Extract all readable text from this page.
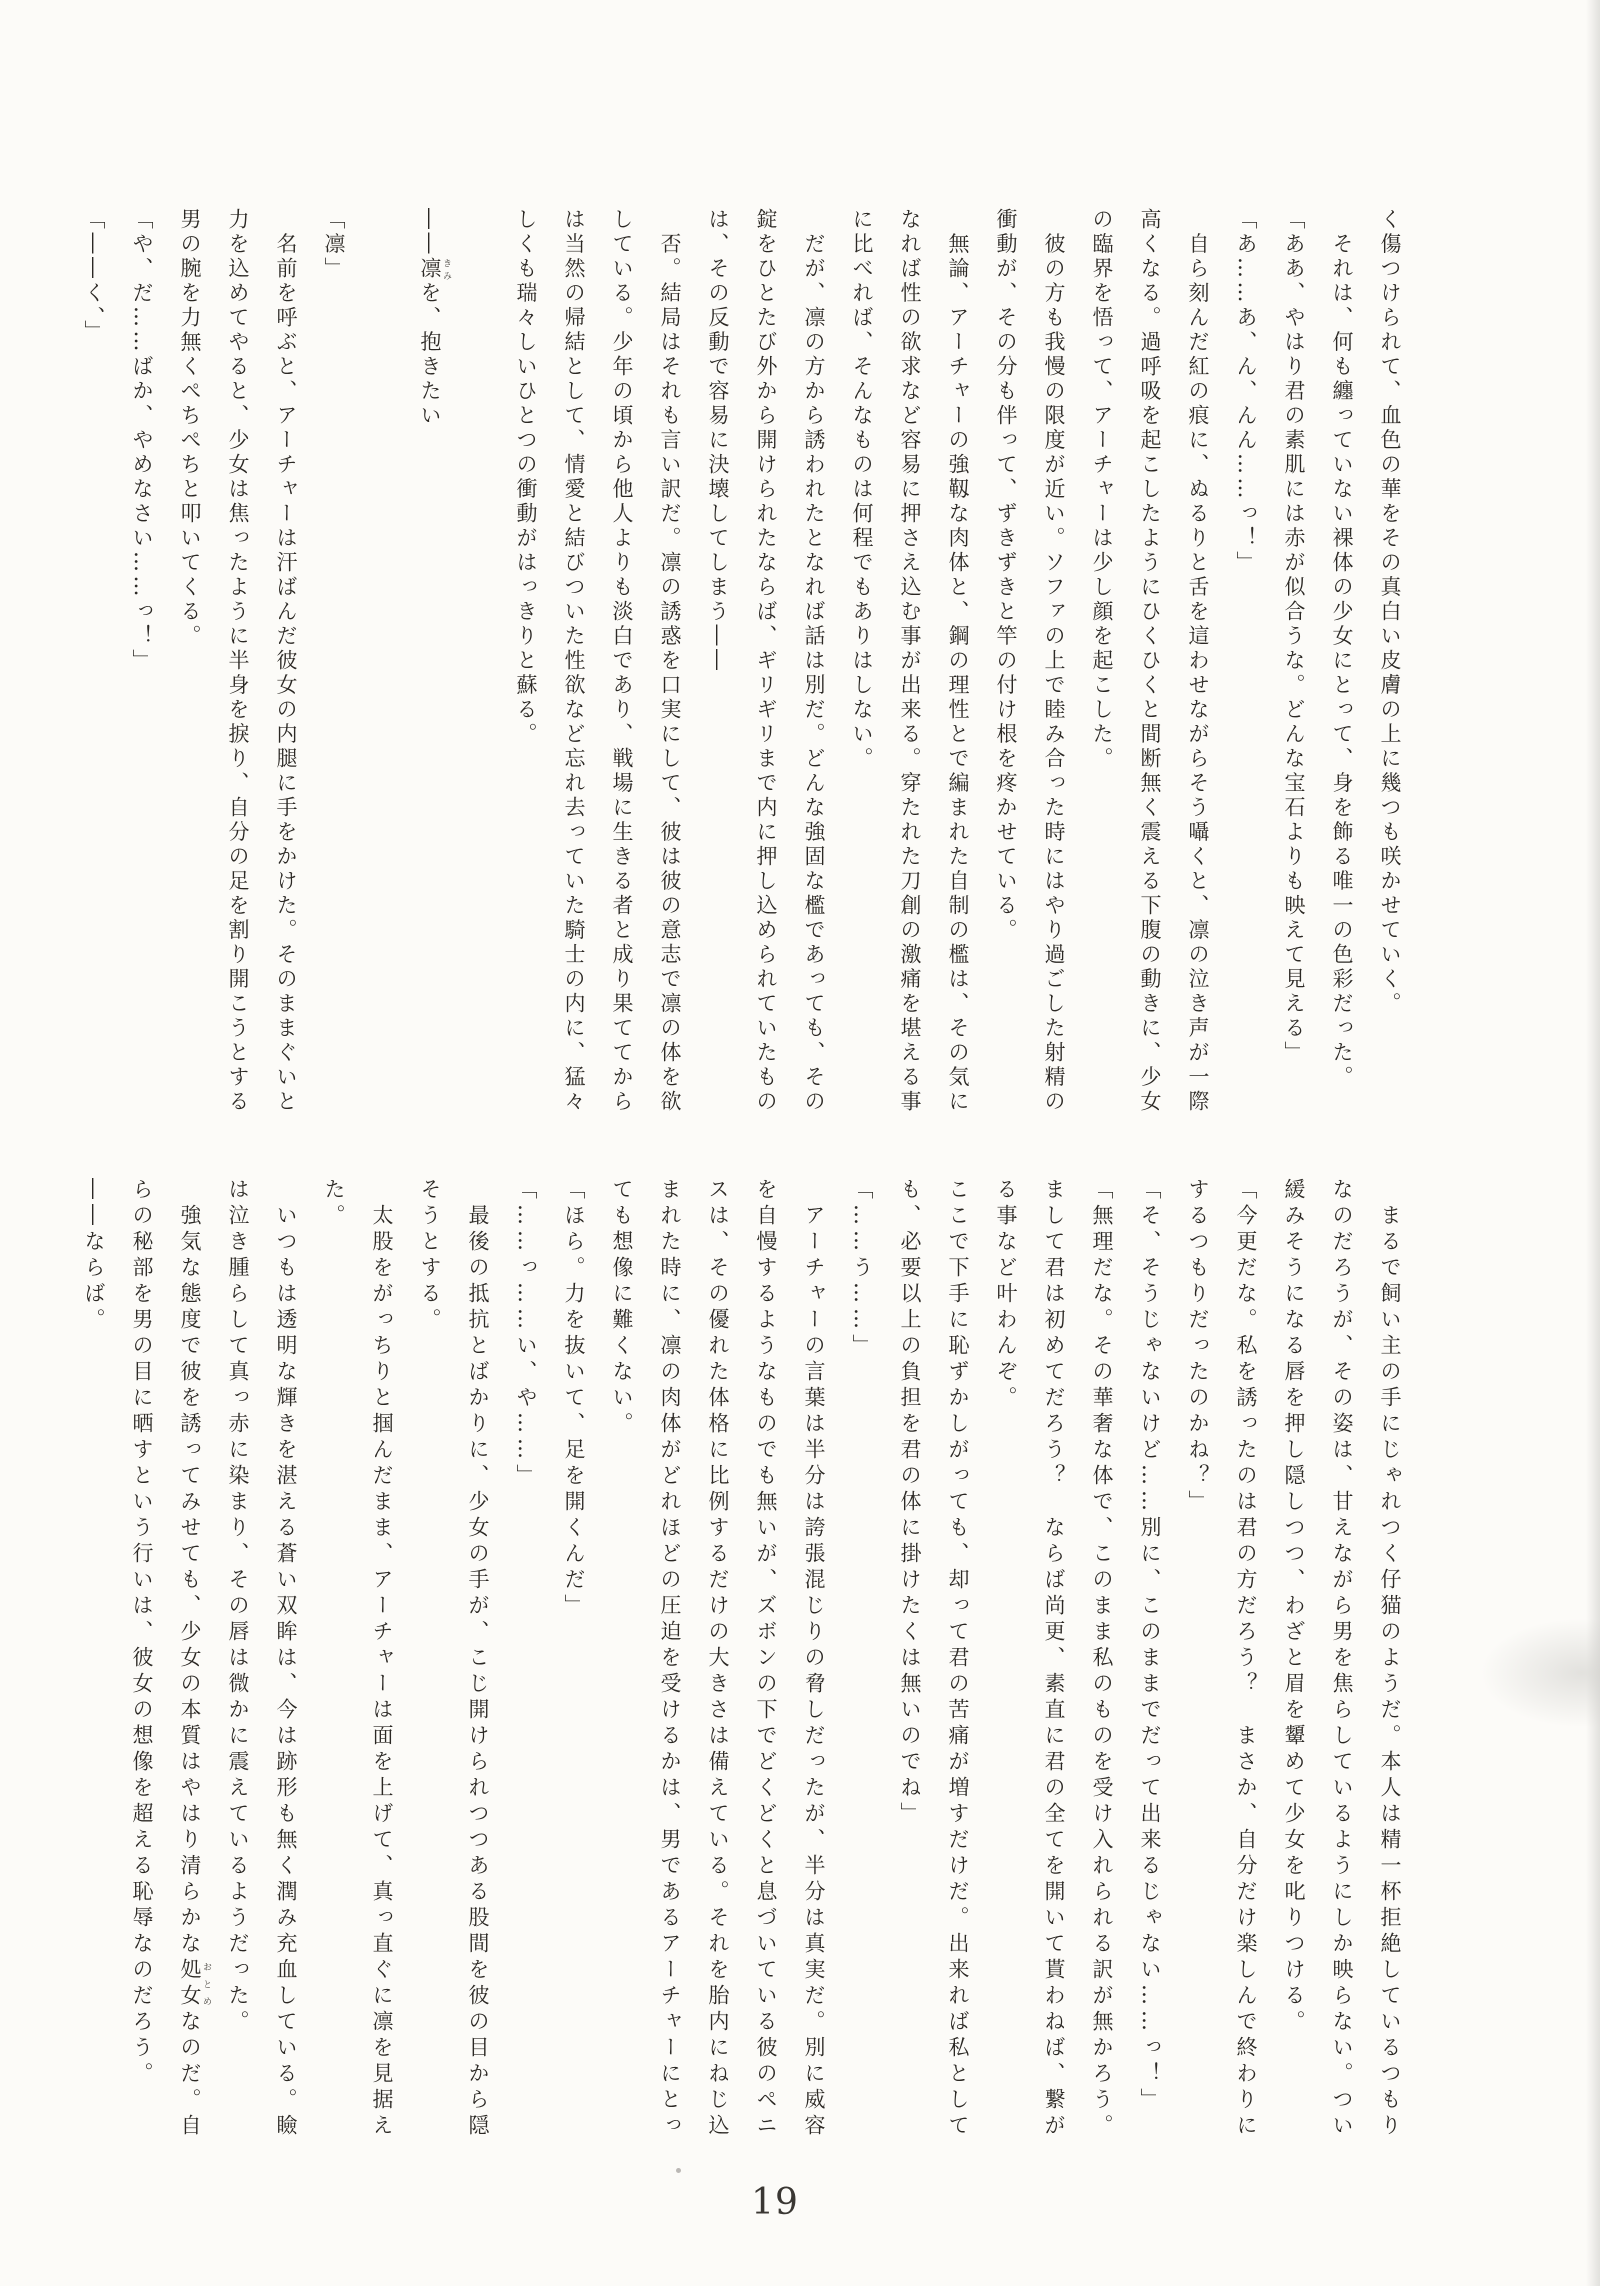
く傷つけられて、血色の華をその真白い皮膚の上に幾つも咲かせていく。

　それは、何も纏っていない裸体の少女にとって、身を飾る唯一の色彩だった。

「ああ、やはり君の素肌には赤が似合うな。どんな宝石よりも映えて見える」

「あ……あ、ん、んん……っ！」

　自ら刻んだ紅の痕に、ぬるりと舌を這わせながらそう囁くと、凛の泣き声が一際高くなる。過呼吸を起こしたようにひくひくと間断無く震える下腹の動きに、少女の臨界を悟って、アーチャーは少し顔を起こした。

　彼の方も我慢の限度が近い。ソファの上で睦み合った時にはやり過ごした射精の衝動が、その分も伴って、ずきずきと竿の付け根を疼かせている。

　無論、アーチャーの強靱な肉体と、鋼の理性とで編まれた自制の檻は、その気になれば性の欲求など容易に押さえ込む事が出来る。穿たれた刀創の激痛を堪える事に比べれば、そんなものは何程でもありはしない。

　だが、凛の方から誘われたとなれば話は別だ。どんな強固な檻であっても、その錠をひとたび外から開けられたならば、ギリギリまで内に押し込められていたものは、その反動で容易に決壊してしまう――

　否。結局はそれも言い訳だ。凛の誘惑を口実にして、彼は彼の意志で凛の体を欲している。少年の頃から他人よりも淡白であり、戦場に生きる者と成り果ててからは当然の帰結として、情愛と結びついた性欲など忘れ去っていた騎士の内に、猛々しくも瑞々しいひとつの衝動がはっきりと蘇る。

――凛 きみを、抱きたい

「凛」

　名前を呼ぶと、アーチャーは汗ばんだ彼女の内腿に手をかけた。そのままぐいと力を込めてやると、少女は焦ったように半身を捩り、自分の足を割り開こうとする男の腕を力無くぺちぺちと叩いてくる。

「や、だ……ばか、やめなさい……っ！」

「――く、」

　まるで飼い主の手にじゃれつく仔猫のようだ。本人は精一杯拒絶しているつもりなのだろうが、その姿は、甘えながら男を焦らしているようにしか映らない。つい緩みそうになる唇を押し隠しつつ、わざと眉を顰めて少女を叱りつける。

「今更だな。私を誘ったのは君の方だろう？　まさか、自分だけ楽しんで終わりにするつもりだったのかね？」

「そ、そうじゃないけど……別に、このままでだって出来るじゃない……っ！」

「無理だな。その華奢な体で、このまま私のものを受け入れられる訳が無かろう。まして君は初めてだろう？　ならば尚更、素直に君の全てを開いて貰わねば、繋がる事など叶わんぞ。

ここで下手に恥ずかしがっても、却って君の苦痛が増すだけだ。出来れば私としても、必要以上の負担を君の体に掛けたくは無いのでね」

「……う……」

　アーチャーの言葉は半分は誇張混じりの脅しだったが、半分は真実だ。別に威容を自慢するようなものでも無いが、ズボンの下でどくどくと息づいている彼のペニスは、その優れた体格に比例するだけの大きさは備えている。それを胎内にねじ込まれた時に、凛の肉体がどれほどの圧迫を受けるかは、男であるアーチャーにとっても想像に難くない。

「ほら。力を抜いて、足を開くんだ」

「……っ……い、や……」

　最後の抵抗とばかりに、少女の手が、こじ開けられつつある股間を彼の目から隠そうとする。

　太股をがっちりと掴んだまま、アーチャーは面を上げて、真っ直ぐに凛を見据えた。

　いつもは透明な輝きを湛える蒼い双眸は、今は跡形も無く潤み充血している。瞼は泣き腫らして真っ赤に染まり、その唇は微かに震えているようだった。

　強気な態度で彼を誘ってみせても、少女の本質はやはり清らかな処女 おとめなのだ。自らの秘部を男の目に晒すという行いは、彼女の想像を超える恥辱なのだろう。

――ならば。

19
